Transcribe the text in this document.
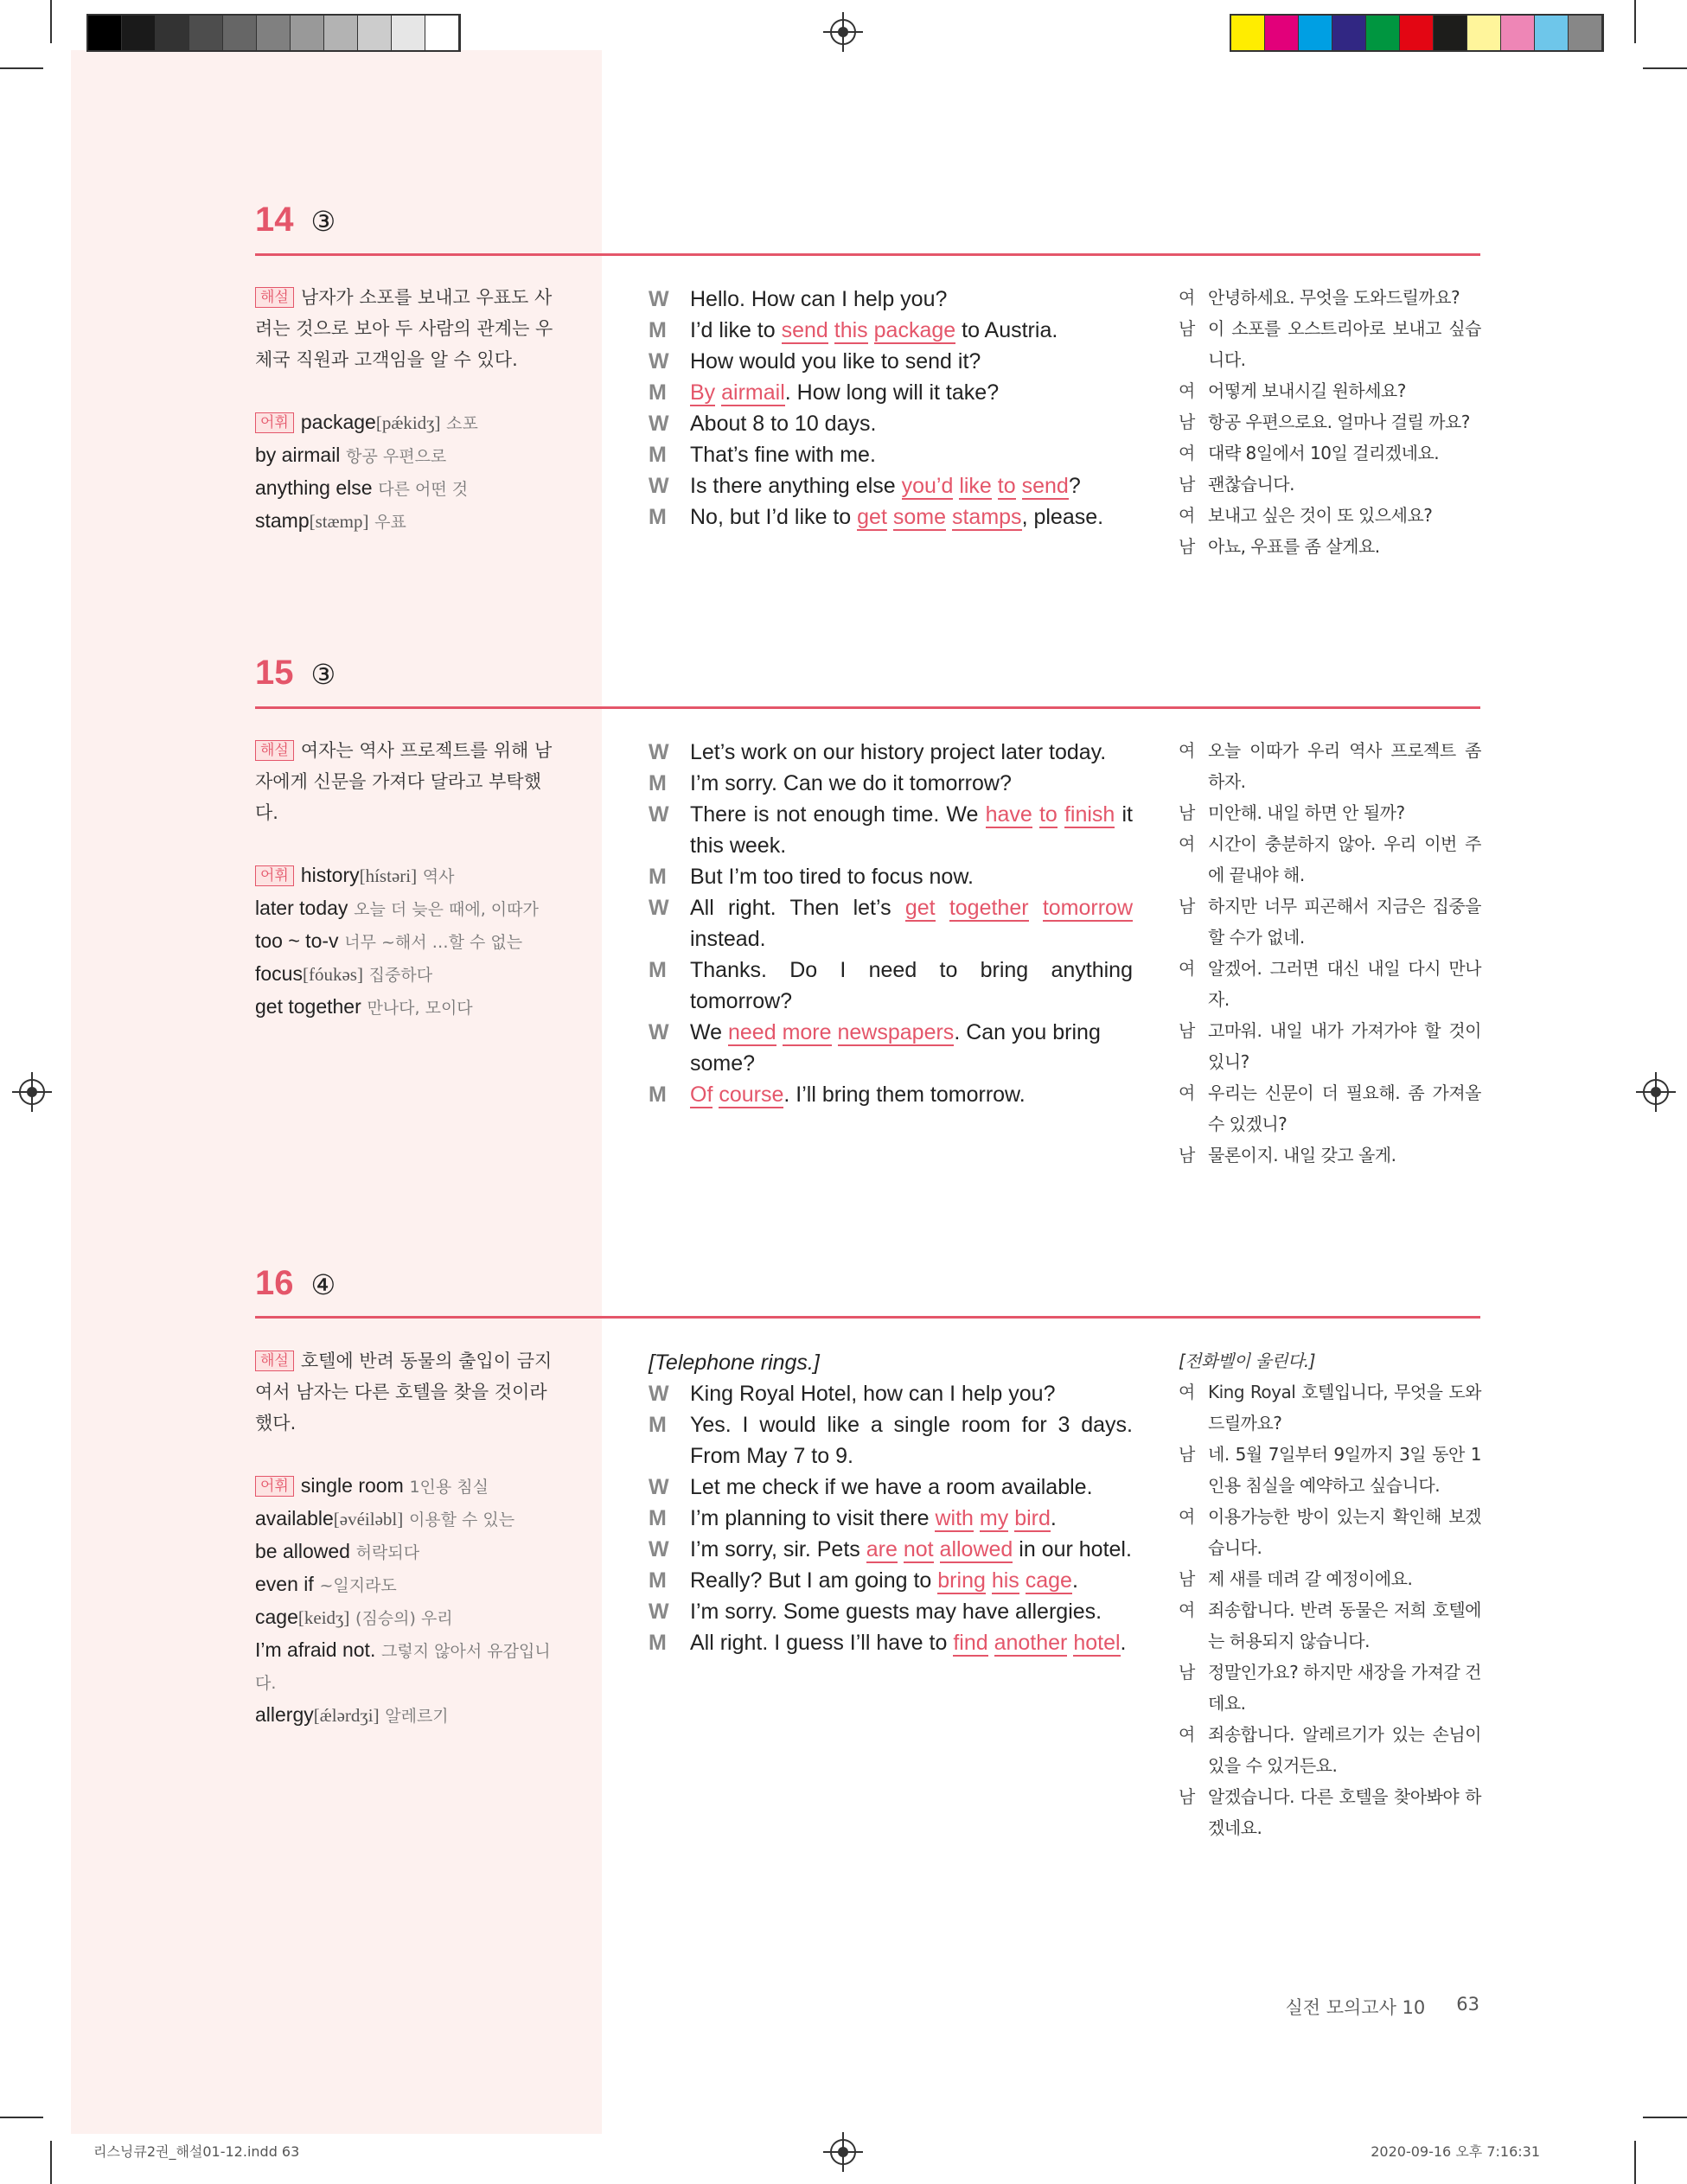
14 ③
해설 남자가 소포를 보내고 우표도 사려는 것으로 보아 두 사람의 관계는 우체국 직원과 고객임을 알 수 있다.
어휘 package[pǽkidʒ] 소포
by airmail 항공 우편으로
anything else 다른 어떤 것
stamp[stæmp] 우표
W Hello. How can I help you?
M	I’d like to send this package to Austria.
W How would you like to send it?
M	By airmail. How long will it take?
W About 8 to 10 days.
M	That’s fine with me.
W Is there anything else you’d like to send?
M	No, but I’d like to get some stamps, please.
여 안녕하세요. 무엇을 도와드릴까요?
남 이 소포를 오스트리아로 보내고 싶습니다.
여 어떻게 보내시길 원하세요?
남 항공 우편으로요. 얼마나 걸릴 까요?
여 대략 8일에서 10일 걸리겠네요.
남 괜찮습니다.
여 보내고 싶은 것이 또 있으세요?
남 아뇨, 우표를 좀 살게요.
15 ③
해설 여자는 역사 프로젝트를 위해 남자에게 신문을 가져다 달라고 부탁했다.
어휘 history[hístəri] 역사
later today 오늘 더 늦은 때에, 이따가
too ~ to-v 너무 ~해서 …할 수 없는
focus[fóukəs] 집중하다
get together 만나다, 모이다
W Let’s work on our history project later today.
M	I’m sorry. Can we do it tomorrow?
W There is not enough time. We have to finish it this week.
M	But I’m too tired to focus now.
W All right. Then let’s get together tomorrow instead.
M	Thanks. Do I need to bring anything tomorrow?
W We need more newspapers. Can you bring some?
M	Of course. I’ll bring them tomorrow.
여 오늘 이따가 우리 역사 프로젝트 좀 하자.
남 미안해. 내일 하면 안 될까?
여 시간이 충분하지 않아. 우리 이번 주에 끝내야 해.
남 하지만 너무 피곤해서 지금은 집중을 할 수가 없네.
여 알겠어. 그러면 대신 내일 다시 만나자.
남 고마워. 내일 내가 가져가야 할 것이 있니?
여 우리는 신문이 더 필요해. 좀 가져올 수 있겠니?
남 물론이지. 내일 갖고 올게.
16 ④
해설 호텔에 반려 동물의 출입이 금지여서 남자는 다른 호텔을 찾을 것이라 했다.
어휘 single room 1인용 침실
available[əvéiləbl] 이용할 수 있는
be allowed 허락되다
even if ~일지라도
cage[keidʒ] (짐승의) 우리
I’m afraid not. 그렇지 않아서 유감입니다.
allergy[ǽlərdʒi] 알레르기
[Telephone rings.]
W King Royal Hotel, how can I help you?
M	Yes. I would like a single room for 3 days. From May 7 to 9.
W Let me check if we have a room available.
M	I’m planning to visit there with my bird.
W I’m sorry, sir. Pets are not allowed in our hotel.
M	Really? But I am going to bring his cage.
W I’m sorry. Some guests may have allergies.
M	All right. I guess I’ll have to find another hotel.
[전화벨이 울린다.]
여 King Royal 호텔입니다, 무엇을 도와드릴까요?
남 네. 5월 7일부터 9일까지 3일 동안 1인용 침실을 예약하고 싶습니다.
여 이용가능한 방이 있는지 확인해 보겠습니다.
남 제 새를 데려 갈 예정이에요.
여 죄송합니다. 반려 동물은 저희 호텔에는 허용되지 않습니다.
남 정말인가요? 하지만 새장을 가져갈 건데요.
여 죄송합니다. 알레르기가 있는 손님이 있을 수 있거든요.
남 알겠습니다. 다른 호텔을 찾아봐야 하겠네요.
실전 모의고사 10 63
리스닝큐2권_해설01-12.indd 63	2020-09-16 오후 7:16:31
